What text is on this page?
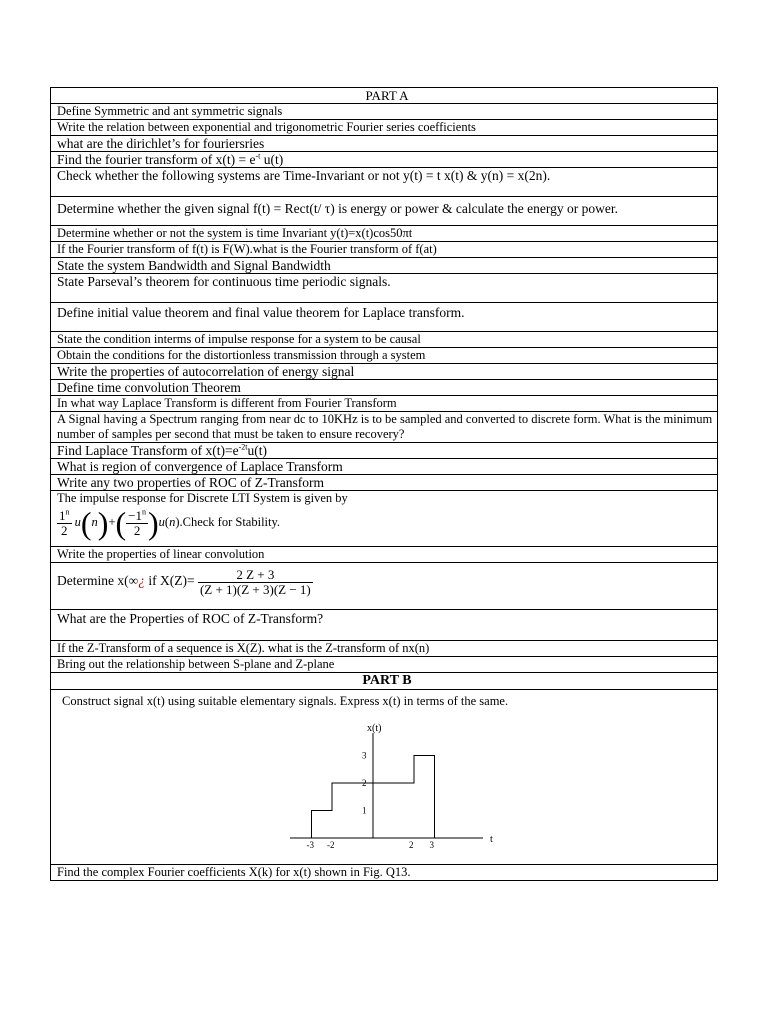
PART A
Define Symmetric and ant symmetric signals
Write the relation between exponential and trigonometric Fourier series coefficients
what are the dirichlet’s for fouriersries
Find the fourier transform of $x(t) = e^{-t}$ u(t)
Check whether the following systems are Time-Invariant or not y(t) = t x(t) & y(n) = x(2n).
Determine whether the given signal f(t) = Rect(t/ τ) is energy or power & calculate the energy or power.
Determine whether or not the system is time Invariant y(t)=x(t)cos50πt
If the Fourier transform of f(t) is F(W).what is the Fourier transform of f(at)
State the system Bandwidth and Signal Bandwidth
State Parseval’s theorem for continuous time periodic signals.
Define initial value theorem and final value theorem for Laplace transform.
State the condition interms of impulse response for a system to be causal
Obtain the conditions for the distortionless transmission through a system
Write the properties of autocorrelation of energy signal
Define time convolution Theorem
In what way Laplace Transform is different from Fourier Transform
A Signal having a Spectrum ranging from near dc to 10KHz is to be sampled and converted to discrete form. What is the minimum number of samples per second that must be taken to ensure recovery?
Find Laplace Transform of $x(t)=e^{-2t}u(t)$
What is region of convergence of Laplace Transform
Write any two properties of ROC of Z-Transform

The impulse response for Discrete LTI System is given by
$\frac{1^n}{2} u(n)+( \frac{-1^n}{2}$ )u(n).Check for Stability.

Write the properties of linear convolution
Determine x(∞¿ if $X(Z)= \frac{2 Z + 3}{(Z + 1)(Z + 3)(Z - 1)}$

What are the Properties of ROC of Z-Transform?
If the Z-Transform of a sequence is X(Z). what is the Z-transform of nx(n)
Bring out the relationship between S-plane and Z-plane
PART B

Construct signal x(t) using suitable elementary signals. Express x(t) in terms of the same.
x(t)
t
-3 -2	2 3
1
2
3

Find the complex Fourier coefficients X(k) for x(t) shown in Fig. Q13.
